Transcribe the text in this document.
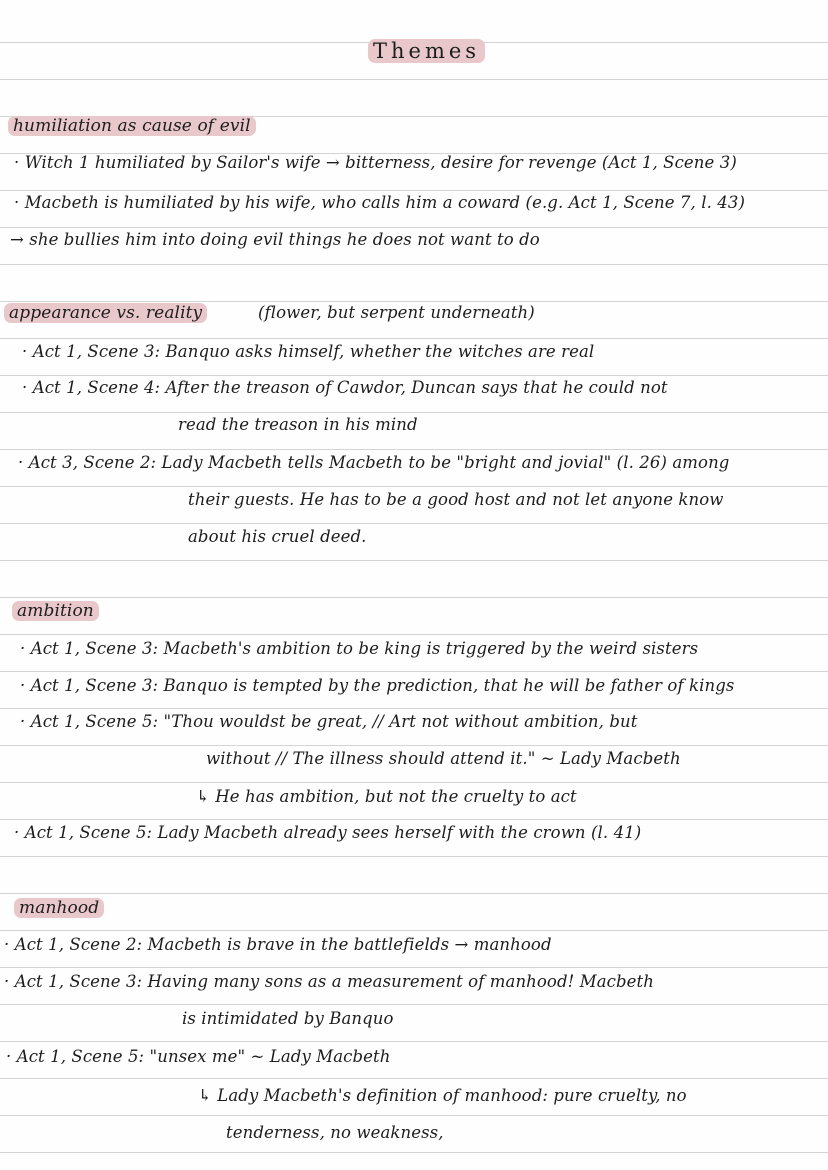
Themes
humiliation as cause of evil
· Witch 1 humiliated by Sailor's wife → bitterness, desire for revenge (Act 1, Scene 3)
· Macbeth is humiliated by his wife, who calls him a coward (e.g. Act 1, Scene 7, l. 43)
→ she bullies him into doing evil things he does not want to do
appearance vs. reality	(flower, but serpent underneath)
· Act 1, Scene 3: Banquo asks himself, whether the witches are real
· Act 1, Scene 4: After the treason of Cawdor, Duncan says that he could not
read the treason in his mind
· Act 3, Scene 2: Lady Macbeth tells Macbeth to be "bright and jovial" (l. 26) among
their guests. He has to be a good host and not let anyone know
about his cruel deed.
ambition
· Act 1, Scene 3: Macbeth's ambition to be king is triggered by the weird sisters
· Act 1, Scene 3: Banquo is tempted by the prediction, that he will be father of kings
· Act 1, Scene 5: "Thou wouldst be great, // Art not without ambition, but
without // The illness should attend it." ~ Lady Macbeth
↳ He has ambition, but not the cruelty to act
· Act 1, Scene 5: Lady Macbeth already sees herself with the crown (l. 41)
manhood
· Act 1, Scene 2: Macbeth is brave in the battlefields → manhood
· Act 1, Scene 3: Having many sons as a measurement of manhood! Macbeth
is intimidated by Banquo
· Act 1, Scene 5: "unsex me" ~ Lady Macbeth
↳ Lady Macbeth's definition of manhood: pure cruelty, no
tenderness, no weakness,
